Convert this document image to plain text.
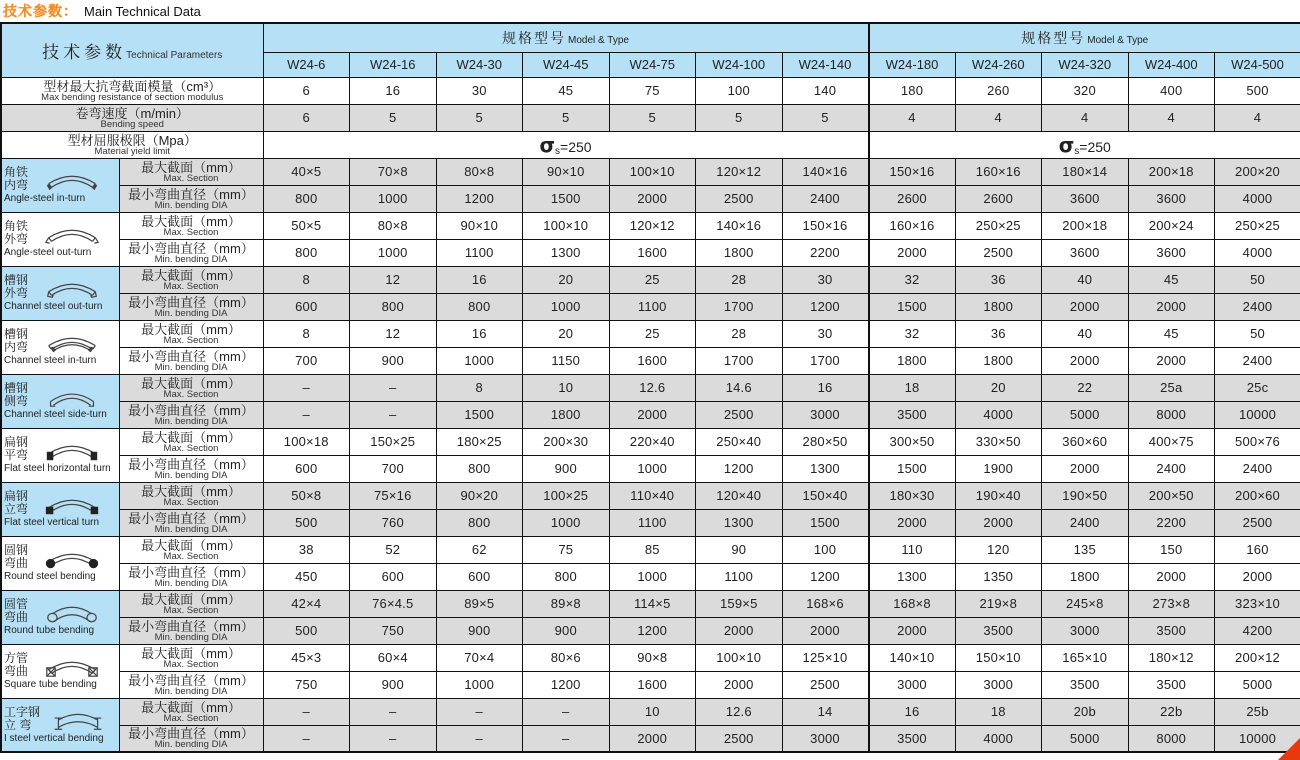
技术参数： Main Technical Data
技术参数Technical Parameters		规格型号 Model & Type							规格型号 Model & Type				
		W24-6	W24-16	W24-30	W24-45	W24-75	W24-100	W24-140	W24-180	W24-260	W24-320	W24-400	W24-500

型材最大抗弯截面模量（cm³）
Max bending resistance of section modulus		6	16	30	45	75	100	140	180	260	320	400	500

卷弯速度（m/min）
Bending speed		6	5	5	5	5	5	5	4	4	4	4	4

型材屈服极限（Mpa）
Material yield limit		$\sigma_s=250$							$\sigma_s=250$				

角铁
内弯
Angle-steel in-turn

最大截面（mm）
Max. Section	40×5	70×8	80×8	90×10	100×10	120×12	140×16	150×16	160×16	180×14	200×18	200×20

	最小弯曲直径（mm）
Min. bending DIA	800	1000	1200	1500	2000	2500	2400	2600	2600	3600	3600	4000

角铁
外弯
Angle-steel out-turn

最大截面（mm）
Max. Section	50×5	80×8	90×10	100×10	120×12	140×16	150×16	160×16	250×25	200×18	200×24	250×25

	最小弯曲直径（mm）
Min. bending DIA	800	1000	1100	1300	1600	1800	2200	2000	2500	3600	3600	4000

槽钢
外弯
Channel steel out-turn

最大截面（mm）
Max. Section	8	12	16	20	25	28	30	32	36	40	45	50

	最小弯曲直径（mm）
Min. bending DIA	600	800	800	1000	1100	1700	1200	1500	1800	2000	2000	2400

槽钢
内弯
Channel steel in-turn

最大截面（mm）
Max. Section	8	12	16	20	25	28	30	32	36	40	45	50

	最小弯曲直径（mm）
Min. bending DIA	700	900	1000	1150	1600	1700	1700	1800	1800	2000	2000	2400

槽钢
侧弯
Channel steel side-turn

最大截面（mm）
Max. Section	–	–	8	10	12.6	14.6	16	18	20	22	25a	25c

	最小弯曲直径（mm）
Min. bending DIA	–	–	1500	1800	2000	2500	3000	3500	4000	5000	8000	10000

扁钢
平弯
Flat steel horizontal turn

最大截面（mm）
Max. Section	100×18	150×25	180×25	200×30	220×40	250×40	280×50	300×50	330×50	360×60	400×75	500×76

	最小弯曲直径（mm）
Min. bending DIA	600	700	800	900	1000	1200	1300	1500	1900	2000	2400	2400

扁钢
立弯
Flat steel vertical turn

最大截面（mm）
Max. Section	50×8	75×16	90×20	100×25	110×40	120×40	150×40	180×30	190×40	190×50	200×50	200×60

	最小弯曲直径（mm）
Min. bending DIA	500	760	800	1000	1100	1300	1500	2000	2000	2400	2200	2500

圆钢
弯曲
Round steel bending

最大截面（mm）
Max. Section	38	52	62	75	85	90	100	110	120	135	150	160

	最小弯曲直径（mm）
Min. bending DIA	450	600	600	800	1000	1100	1200	1300	1350	1800	2000	2000

圆管
弯曲
Round tube bending

最大截面（mm）
Max. Section	42×4	76×4.5	89×5	89×8	114×5	159×5	168×6	168×8	219×8	245×8	273×8	323×10

	最小弯曲直径（mm）
Min. bending DIA	500	750	900	900	1200	2000	2000	2000	3500	3000	3500	4200

方管
弯曲
Square tube bending

最大截面（mm）
Max. Section	45×3	60×4	70×4	80×6	90×8	100×10	125×10	140×10	150×10	165×10	180×12	200×12

	最小弯曲直径（mm）
Min. bending DIA	750	900	1000	1200	1600	2000	2500	3000	3000	3500	3500	5000

工字钢
立 弯
I steel vertical bending

最大截面（mm）
Max. Section	–	–	–	–	10	12.6	14	16	18	20b	22b	25b

	最小弯曲直径（mm）
Min. bending DIA	–	–	–	–	2000	2500	3000	3500	4000	5000	8000	10000
